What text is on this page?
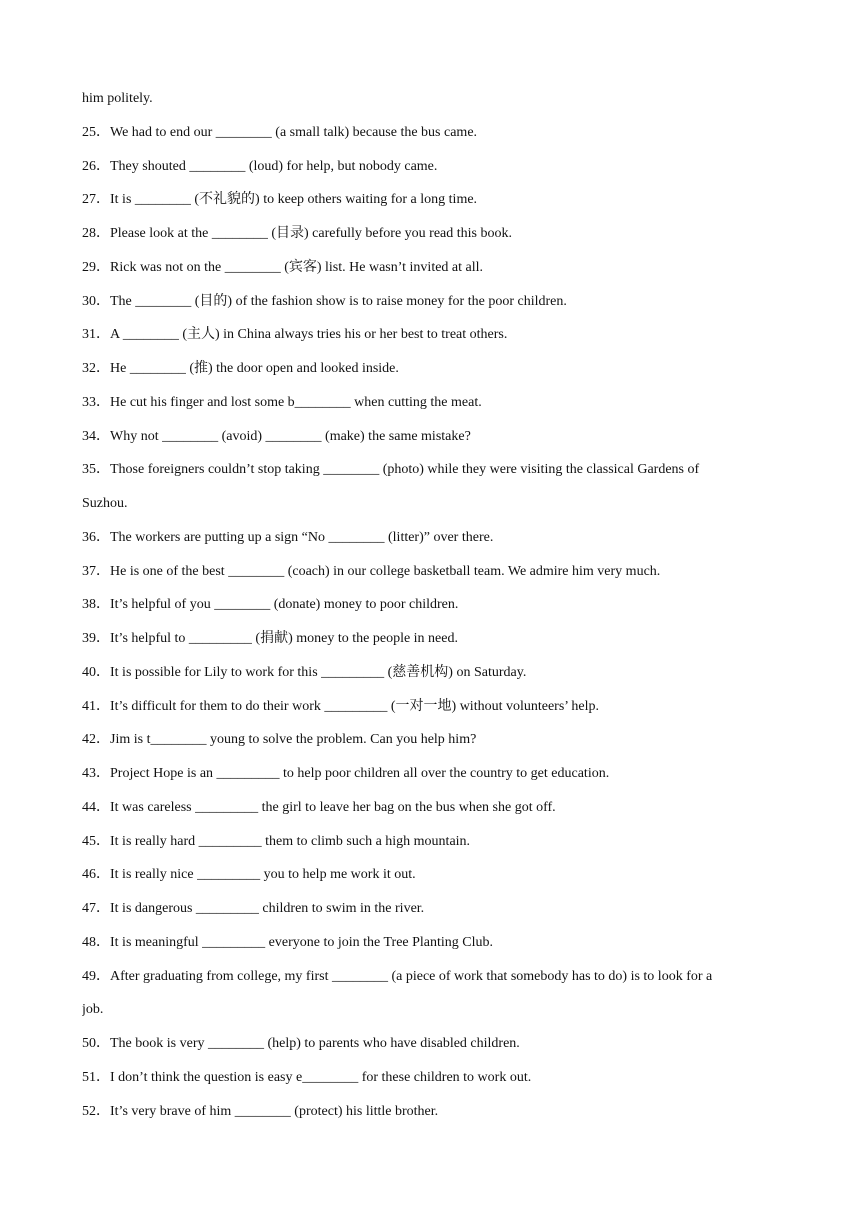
him politely.
25．We had to end our ________ (a small talk) because the bus came.
26．They shouted ________ (loud) for help, but nobody came.
27．It is ________ (不礼貌的) to keep others waiting for a long time.
28．Please look at the ________ (目录) carefully before you read this book.
29．Rick was not on the ________ (宾客) list. He wasn’t invited at all.
30．The ________ (目的) of the fashion show is to raise money for the poor children.
31．A ________ (主人) in China always tries his or her best to treat others.
32．He ________ (推) the door open and looked inside.
33．He cut his finger and lost some b________ when cutting the meat.
34．Why not ________ (avoid) ________ (make) the same mistake?
35．Those foreigners couldn’t stop taking ________ (photo) while they were visiting the classical Gardens of
Suzhou.
36．The workers are putting up a sign “No ________ (litter)” over there.
37．He is one of the best ________ (coach) in our college basketball team. We admire him very much.
38．It’s helpful of you ________ (donate) money to poor children.
39．It’s helpful to _________ (捐献) money to the people in need.
40．It is possible for Lily to work for this _________ (慈善机构) on Saturday.
41．It’s difficult for them to do their work _________ (一对一地) without volunteers’ help.
42．Jim is t________ young to solve the problem. Can you help him?
43．Project Hope is an _________ to help poor children all over the country to get education.
44．It was careless _________ the girl to leave her bag on the bus when she got off.
45．It is really hard _________ them to climb such a high mountain.
46．It is really nice _________ you to help me work it out.
47．It is dangerous _________ children to swim in the river.
48．It is meaningful _________ everyone to join the Tree Planting Club.
49．After graduating from college, my first ________ (a piece of work that somebody has to do) is to look for a
job.
50．The book is very ________ (help) to parents who have disabled children.
51．I don’t think the question is easy e________ for these children to work out.
52．It’s very brave of him ________ (protect) his little brother.
